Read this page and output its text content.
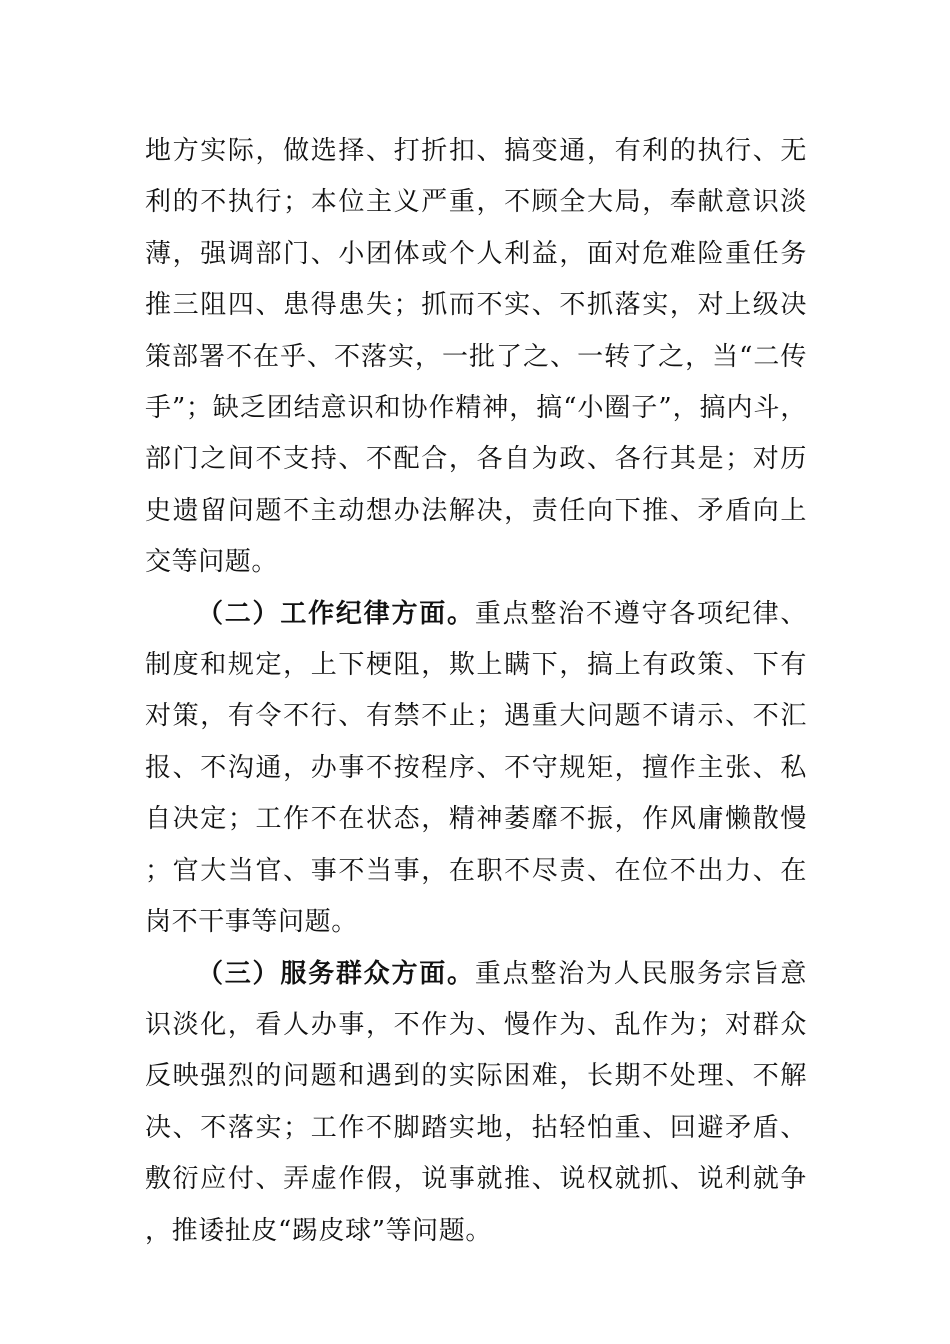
地方实际，做选择、打折扣、搞变通，有利的执行、无利的不执行；本位主义严重，不顾全大局，奉献意识淡薄，强调部门、小团体或个人利益，面对危难险重任务推三阻四、患得患失；抓而不实、不抓落实，对上级决策部署不在乎、不落实，一批了之、一转了之，当“二传手”；缺乏团结意识和协作精神，搞“小圈子”，搞内斗，部门之间不支持、不配合，各自为政、各行其是；对历史遗留问题不主动想办法解决，责任向下推、矛盾向上交等问题。

（二）工作纪律方面。重点整治不遵守各项纪律、制度和规定，上下梗阻，欺上瞒下，搞上有政策、下有对策，有令不行、有禁不止；遇重大问题不请示、不汇报、不沟通，办事不按程序、不守规矩，擅作主张、私自决定；工作不在状态，精神萎靡不振，作风庸懒散慢；官大当官、事不当事，在职不尽责、在位不出力、在岗不干事等问题。

（三）服务群众方面。重点整治为人民服务宗旨意识淡化，看人办事，不作为、慢作为、乱作为；对群众反映强烈的问题和遇到的实际困难，长期不处理、不解决、不落实；工作不脚踏实地，拈轻怕重、回避矛盾、敷衍应付、弄虚作假，说事就推、说权就抓、说利就争，推诿扯皮“踢皮球”等问题。
